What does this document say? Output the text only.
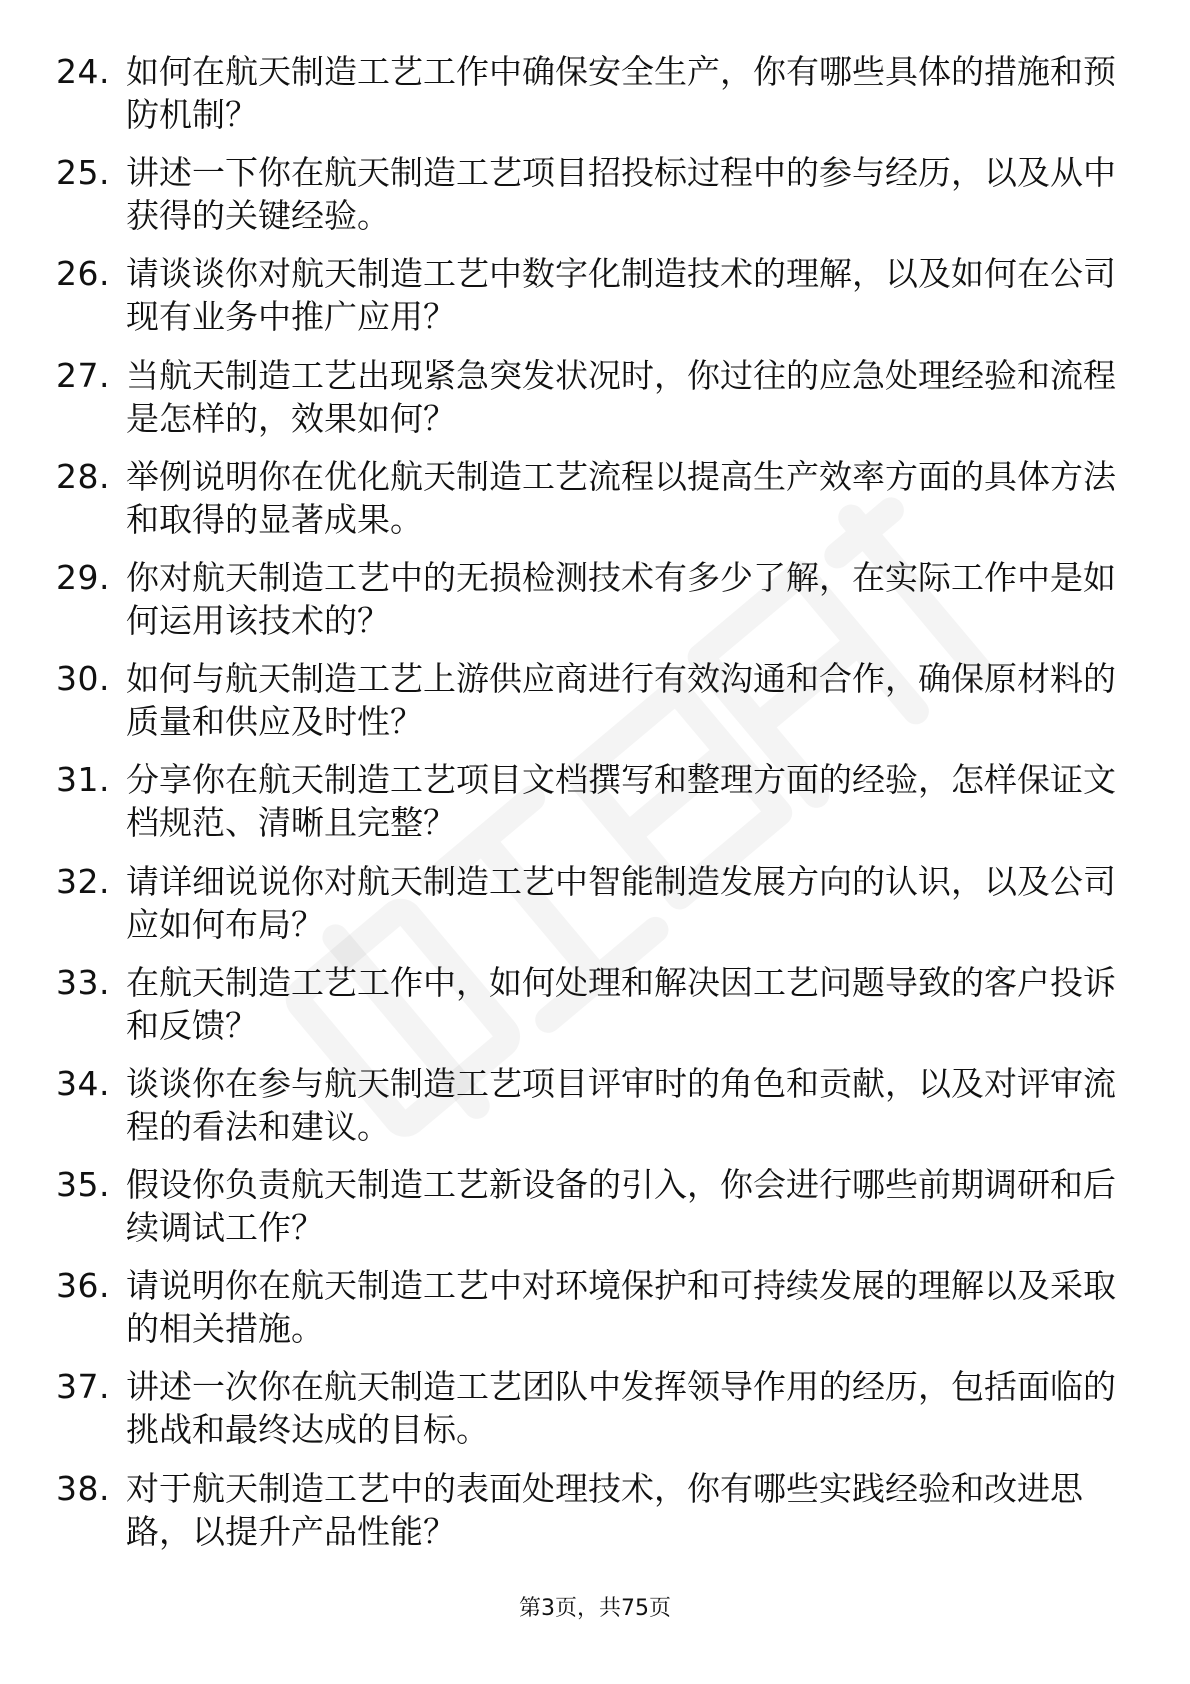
24. 如何在航天制造工艺工作中确保安全生产，你有哪些具体的措施和预防机制？
25. 讲述一下你在航天制造工艺项目招投标过程中的参与经历，以及从中获得的关键经验。
26. 请谈谈你对航天制造工艺中数字化制造技术的理解，以及如何在公司现有业务中推广应用？
27. 当航天制造工艺出现紧急突发状况时，你过往的应急处理经验和流程是怎样的，效果如何？
28. 举例说明你在优化航天制造工艺流程以提高生产效率方面的具体方法和取得的显著成果。
29. 你对航天制造工艺中的无损检测技术有多少了解，在实际工作中是如何运用该技术的？
30. 如何与航天制造工艺上游供应商进行有效沟通和合作，确保原材料的质量和供应及时性？
31. 分享你在航天制造工艺项目文档撰写和整理方面的经验，怎样保证文档规范、清晰且完整？
32. 请详细说说你对航天制造工艺中智能制造发展方向的认识，以及公司应如何布局？
33. 在航天制造工艺工作中，如何处理和解决因工艺问题导致的客户投诉和反馈？
34. 谈谈你在参与航天制造工艺项目评审时的角色和贡献，以及对评审流程的看法和建议。
35. 假设你负责航天制造工艺新设备的引入，你会进行哪些前期调研和后续调试工作？
36. 请说明你在航天制造工艺中对环境保护和可持续发展的理解以及采取的相关措施。
37. 讲述一次你在航天制造工艺团队中发挥领导作用的经历，包括面临的挑战和最终达成的目标。
38. 对于航天制造工艺中的表面处理技术，你有哪些实践经验和改进思路，以提升产品性能？
第3页，共75页
